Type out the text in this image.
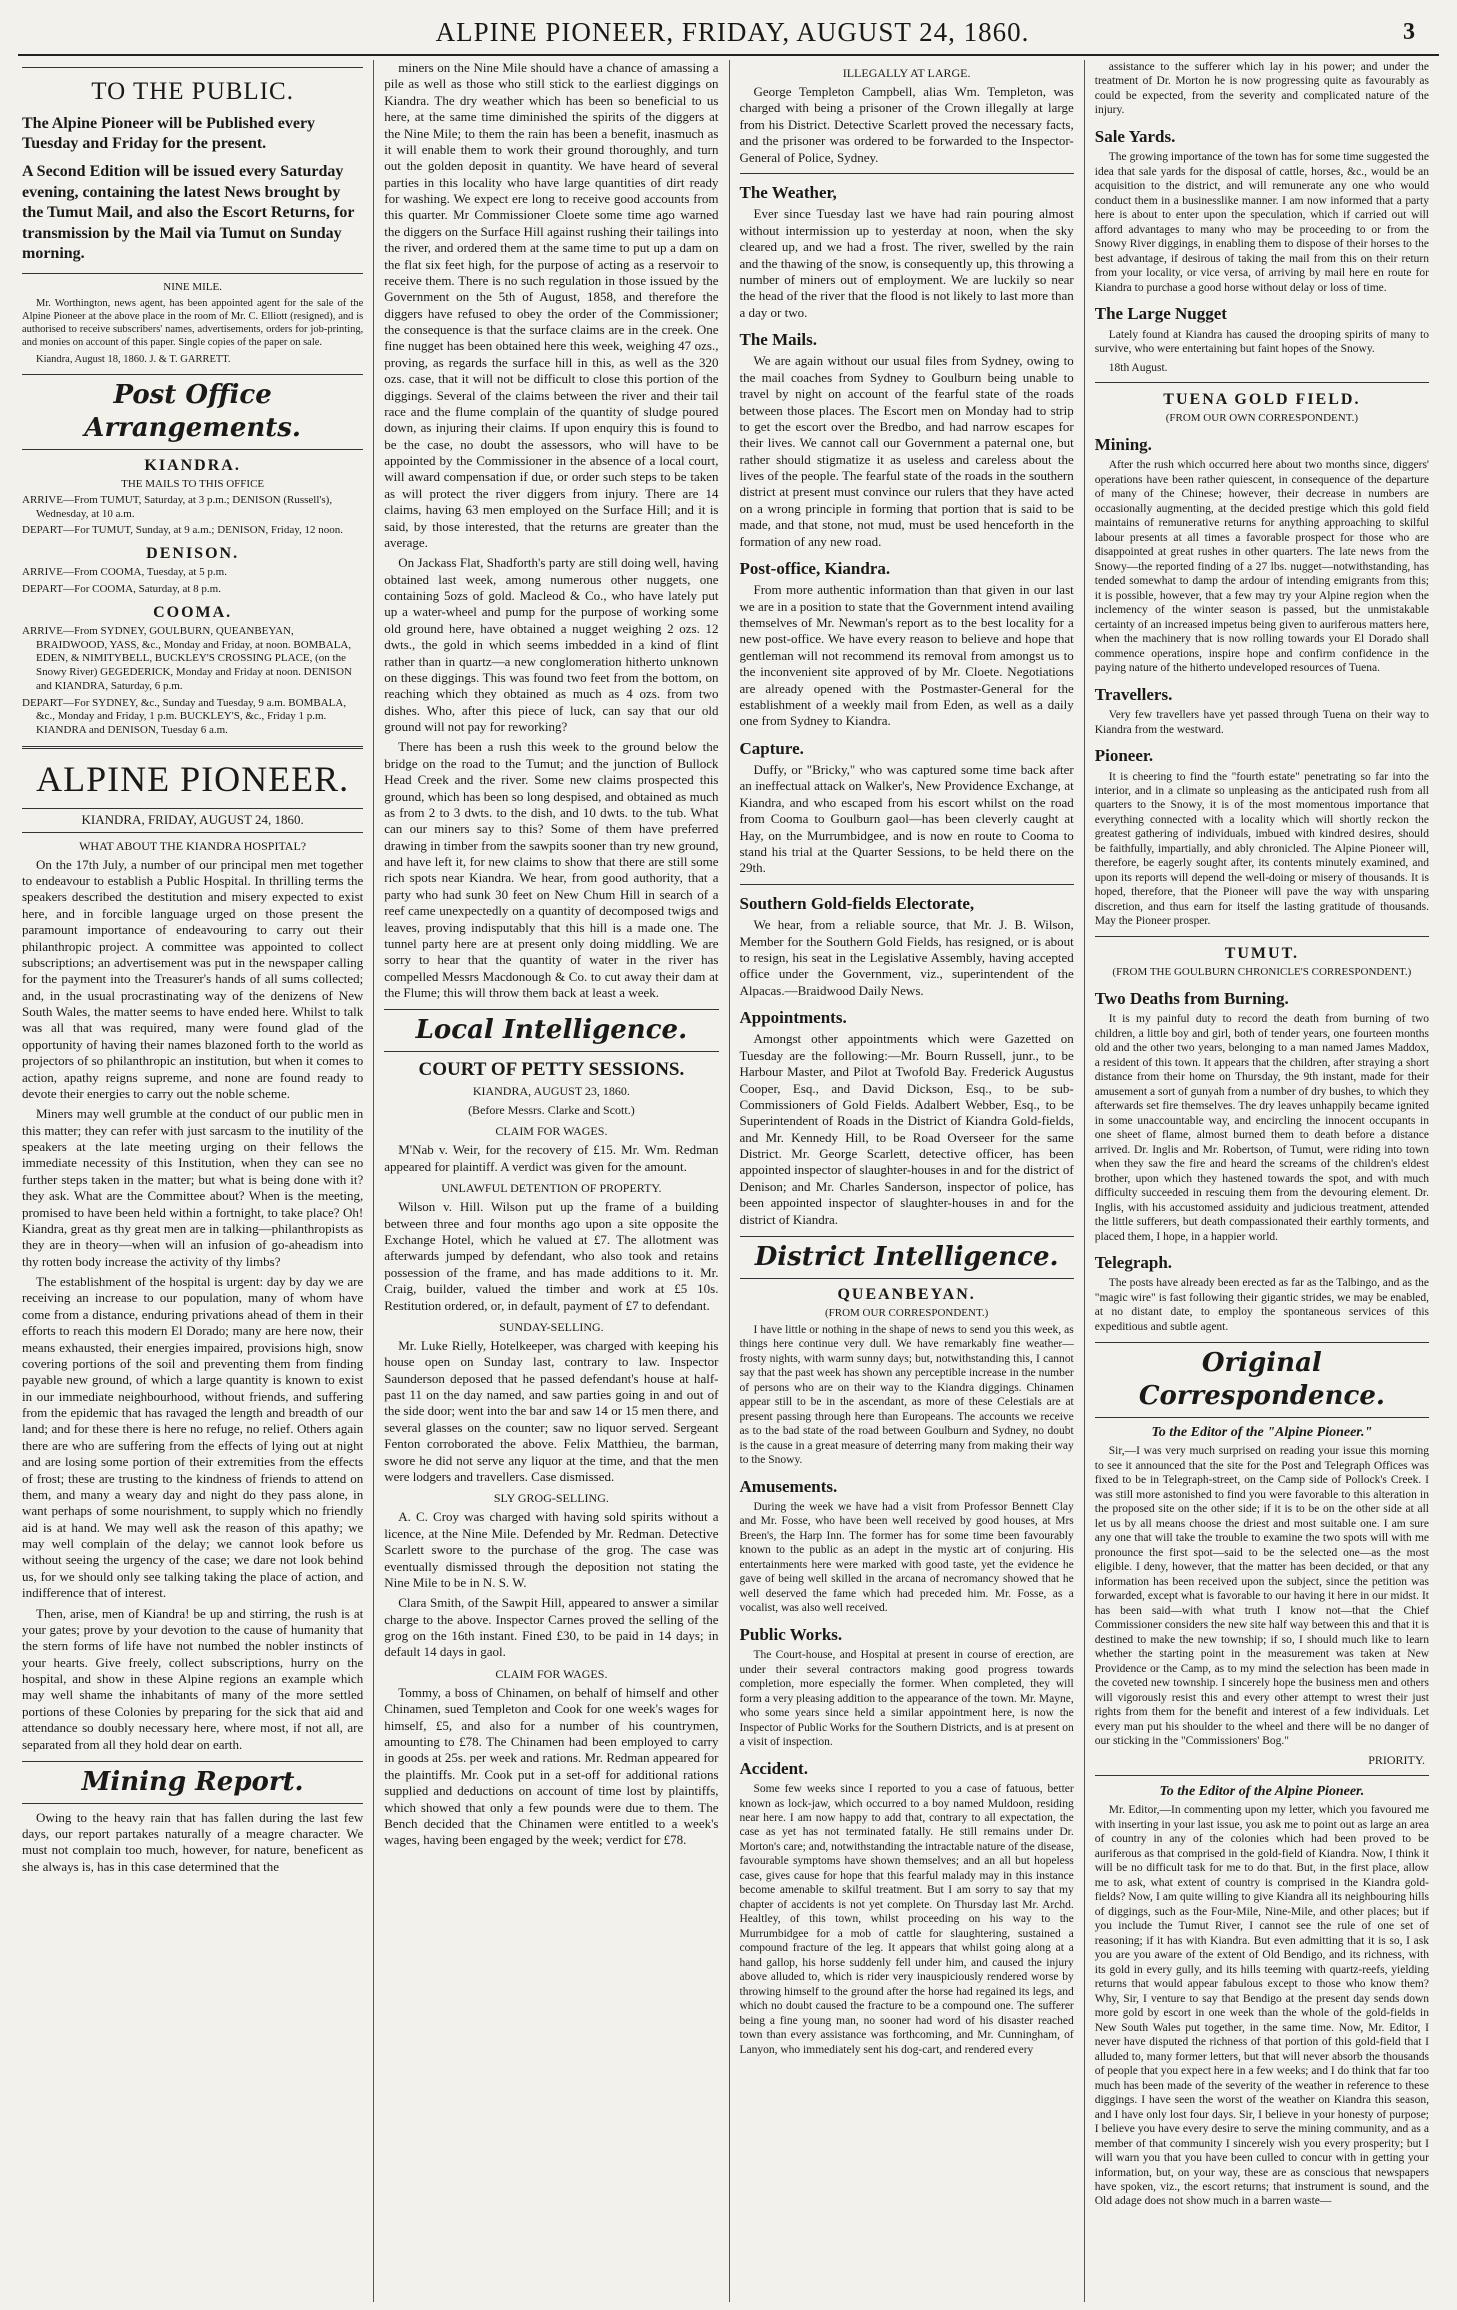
ALPINE PIONEER, FRIDAY, AUGUST 24, 1860.	3
TO THE PUBLIC.

The Alpine Pioneer will be Published every Tuesday and Friday for the present.

A Second Edition will be issued every Saturday evening, containing the latest News brought by the Tumut Mail, and also the Escort Returns, for transmission by the Mail via Tumut on Sunday morning.

NINE MILE.

Mr. Worthington, news agent, has been appointed agent for the sale of the Alpine Pioneer at the above place in the room of Mr. C. Elliott (resigned), and is authorised to receive subscribers' names, advertisements, orders for job-printing, and monies on account of this paper. Single copies of the paper on sale.

Kiandra, August 18, 1860. J. & T. GARRETT.

Post Office Arrangements.
KIANDRA.
THE MAILS TO THIS OFFICE
ARRIVE—From TUMUT, Saturday, at 3 p.m.; DENISON (Russell's), Wednesday, at 10 a.m.
DEPART—For TUMUT, Sunday, at 9 a.m.; DENISON, Friday, 12 noon.
DENISON.
ARRIVE—From COOMA, Tuesday, at 5 p.m.
DEPART—For COOMA, Saturday, at 8 p.m.
COOMA.
ARRIVE—From SYDNEY, GOULBURN, QUEANBEYAN, BRAIDWOOD, YASS, &c., Monday and Friday, at noon. BOMBALA, EDEN, & NIMITYBELL, BUCKLEY'S CROSSING PLACE, (on the Snowy River) GEGEDERICK, Monday and Friday at noon. DENISON and KIANDRA, Saturday, 6 p.m.
DEPART—For SYDNEY, &c., Sunday and Tuesday, 9 a.m. BOMBALA, &c., Monday and Friday, 1 p.m. BUCKLEY'S, &c., Friday 1 p.m. KIANDRA and DENISON, Tuesday 6 a.m.
ALPINE PIONEER.
KIANDRA, FRIDAY, AUGUST 24, 1860.
WHAT ABOUT THE KIANDRA HOSPITAL?

On the 17th July, a number of our principal men met together to endeavour to establish a Public Hospital. In thrilling terms the speakers described the destitution and misery expected to exist here, and in forcible language urged on those present the paramount importance of endeavouring to carry out their philanthropic project. A committee was appointed to collect subscriptions; an advertisement was put in the newspaper calling for the payment into the Treasurer's hands of all sums collected; and, in the usual procrastinating way of the denizens of New South Wales, the matter seems to have ended here. Whilst to talk was all that was required, many were found glad of the opportunity of having their names blazoned forth to the world as projectors of so philanthropic an institution, but when it comes to action, apathy reigns supreme, and none are found ready to devote their energies to carry out the noble scheme.

Miners may well grumble at the conduct of our public men in this matter; they can refer with just sarcasm to the inutility of the speakers at the late meeting urging on their fellows the immediate necessity of this Institution, when they can see no further steps taken in the matter; but what is being done with it? they ask. What are the Committee about? When is the meeting, promised to have been held within a fortnight, to take place? Oh! Kiandra, great as thy great men are in talking—philanthropists as they are in theory—when will an infusion of go-aheadism into thy rotten body increase the activity of thy limbs?

The establishment of the hospital is urgent: day by day we are receiving an increase to our population, many of whom have come from a distance, enduring privations ahead of them in their efforts to reach this modern El Dorado; many are here now, their means exhausted, their energies impaired, provisions high, snow covering portions of the soil and preventing them from finding payable new ground, of which a large quantity is known to exist in our immediate neighbourhood, without friends, and suffering from the epidemic that has ravaged the length and breadth of our land; and for these there is here no refuge, no relief. Others again there are who are suffering from the effects of lying out at night and are losing some portion of their extremities from the effects of frost; these are trusting to the kindness of friends to attend on them, and many a weary day and night do they pass alone, in want perhaps of some nourishment, to supply which no friendly aid is at hand. We may well ask the reason of this apathy; we may well complain of the delay; we cannot look before us without seeing the urgency of the case; we dare not look behind us, for we should only see talking taking the place of action, and indifference that of interest.

Then, arise, men of Kiandra! be up and stirring, the rush is at your gates; prove by your devotion to the cause of humanity that the stern forms of life have not numbed the nobler instincts of your hearts. Give freely, collect subscriptions, hurry on the hospital, and show in these Alpine regions an example which may well shame the inhabitants of many of the more settled portions of these Colonies by preparing for the sick that aid and attendance so doubly necessary here, where most, if not all, are separated from all they hold dear on earth.

Mining Report.

Owing to the heavy rain that has fallen during the last few days, our report partakes naturally of a meagre character. We must not complain too much, however, for nature, beneficent as she always is, has in this case determined that the

miners on the Nine Mile should have a chance of amassing a pile as well as those who still stick to the earliest diggings on Kiandra. The dry weather which has been so beneficial to us here, at the same time diminished the spirits of the diggers at the Nine Mile; to them the rain has been a benefit, inasmuch as it will enable them to work their ground thoroughly, and turn out the golden deposit in quantity. We have heard of several parties in this locality who have large quantities of dirt ready for washing. We expect ere long to receive good accounts from this quarter. Mr Commissioner Cloete some time ago warned the diggers on the Surface Hill against rushing their tailings into the river, and ordered them at the same time to put up a dam on the flat six feet high, for the purpose of acting as a reservoir to receive them. There is no such regulation in those issued by the Government on the 5th of August, 1858, and therefore the diggers have refused to obey the order of the Commissioner; the consequence is that the surface claims are in the creek. One fine nugget has been obtained here this week, weighing 47 ozs., proving, as regards the surface hill in this, as well as the 320 ozs. case, that it will not be difficult to close this portion of the diggings. Several of the claims between the river and their tail race and the flume complain of the quantity of sludge poured down, as injuring their claims. If upon enquiry this is found to be the case, no doubt the assessors, who will have to be appointed by the Commissioner in the absence of a local court, will award compensation if due, or order such steps to be taken as will protect the river diggers from injury. There are 14 claims, having 63 men employed on the Surface Hill; and it is said, by those interested, that the returns are greater than the average.

On Jackass Flat, Shadforth's party are still doing well, having obtained last week, among numerous other nuggets, one containing 5ozs of gold. Macleod & Co., who have lately put up a water-wheel and pump for the purpose of working some old ground here, have obtained a nugget weighing 2 ozs. 12 dwts., the gold in which seems imbedded in a kind of flint rather than in quartz—a new conglomeration hitherto unknown on these diggings. This was found two feet from the bottom, on reaching which they obtained as much as 4 ozs. from two dishes. Who, after this piece of luck, can say that our old ground will not pay for reworking?

There has been a rush this week to the ground below the bridge on the road to the Tumut; and the junction of Bullock Head Creek and the river. Some new claims prospected this ground, which has been so long despised, and obtained as much as from 2 to 3 dwts. to the dish, and 10 dwts. to the tub. What can our miners say to this? Some of them have preferred drawing in timber from the sawpits sooner than try new ground, and have left it, for new claims to show that there are still some rich spots near Kiandra. We hear, from good authority, that a party who had sunk 30 feet on New Chum Hill in search of a reef came unexpectedly on a quantity of decomposed twigs and leaves, proving indisputably that this hill is a made one. The tunnel party here are at present only doing middling. We are sorry to hear that the quantity of water in the river has compelled Messrs Macdonough & Co. to cut away their dam at the Flume; this will throw them back at least a week.

Local Intelligence.
COURT OF PETTY SESSIONS.
KIANDRA, AUGUST 23, 1860.
(Before Messrs. Clarke and Scott.)
CLAIM FOR WAGES.

M'Nab v. Weir, for the recovery of £15. Mr. Wm. Redman appeared for plaintiff. A verdict was given for the amount.

UNLAWFUL DETENTION OF PROPERTY.

Wilson v. Hill. Wilson put up the frame of a building between three and four months ago upon a site opposite the Exchange Hotel, which he valued at £7. The allotment was afterwards jumped by defendant, who also took and retains possession of the frame, and has made additions to it. Mr. Craig, builder, valued the timber and work at £5 10s. Restitution ordered, or, in default, payment of £7 to defendant.

SUNDAY-SELLING.

Mr. Luke Rielly, Hotelkeeper, was charged with keeping his house open on Sunday last, contrary to law. Inspector Saunderson deposed that he passed defendant's house at half-past 11 on the day named, and saw parties going in and out of the side door; went into the bar and saw 14 or 15 men there, and several glasses on the counter; saw no liquor served. Sergeant Fenton corroborated the above. Felix Matthieu, the barman, swore he did not serve any liquor at the time, and that the men were lodgers and travellers. Case dismissed.

SLY GROG-SELLING.

A. C. Croy was charged with having sold spirits without a licence, at the Nine Mile. Defended by Mr. Redman. Detective Scarlett swore to the purchase of the grog. The case was eventually dismissed through the deposition not stating the Nine Mile to be in N. S. W.

Clara Smith, of the Sawpit Hill, appeared to answer a similar charge to the above. Inspector Carnes proved the selling of the grog on the 16th instant. Fined £30, to be paid in 14 days; in default 14 days in gaol.

CLAIM FOR WAGES.

Tommy, a boss of Chinamen, on behalf of himself and other Chinamen, sued Templeton and Cook for one week's wages for himself, £5, and also for a number of his countrymen, amounting to £78. The Chinamen had been employed to carry in goods at 25s. per week and rations. Mr. Redman appeared for the plaintiffs. Mr. Cook put in a set-off for additional rations supplied and deductions on account of time lost by plaintiffs, which showed that only a few pounds were due to them. The Bench decided that the Chinamen were entitled to a week's wages, having been engaged by the week; verdict for £78.

ILLEGALLY AT LARGE.

George Templeton Campbell, alias Wm. Templeton, was charged with being a prisoner of the Crown illegally at large from his District. Detective Scarlett proved the necessary facts, and the prisoner was ordered to be forwarded to the Inspector-General of Police, Sydney.

The Weather,

Ever since Tuesday last we have had rain pouring almost without intermission up to yesterday at noon, when the sky cleared up, and we had a frost. The river, swelled by the rain and the thawing of the snow, is consequently up, this throwing a number of miners out of employment. We are luckily so near the head of the river that the flood is not likely to last more than a day or two.

The Mails.

We are again without our usual files from Sydney, owing to the mail coaches from Sydney to Goulburn being unable to travel by night on account of the fearful state of the roads between those places. The Escort men on Monday had to strip to get the escort over the Bredbo, and had narrow escapes for their lives. We cannot call our Government a paternal one, but rather should stigmatize it as useless and careless about the lives of the people. The fearful state of the roads in the southern district at present must convince our rulers that they have acted on a wrong principle in forming that portion that is said to be made, and that stone, not mud, must be used henceforth in the formation of any new road.

Post-office, Kiandra.

From more authentic information than that given in our last we are in a position to state that the Government intend availing themselves of Mr. Newman's report as to the best locality for a new post-office. We have every reason to believe and hope that gentleman will not recommend its removal from amongst us to the inconvenient site approved of by Mr. Cloete. Negotiations are already opened with the Postmaster-General for the establishment of a weekly mail from Eden, as well as a daily one from Sydney to Kiandra.

Capture.

Duffy, or "Bricky," who was captured some time back after an ineffectual attack on Walker's, New Providence Exchange, at Kiandra, and who escaped from his escort whilst on the road from Cooma to Goulburn gaol—has been cleverly caught at Hay, on the Murrumbidgee, and is now en route to Cooma to stand his trial at the Quarter Sessions, to be held there on the 29th.

Southern Gold-fields Electorate,

We hear, from a reliable source, that Mr. J. B. Wilson, Member for the Southern Gold Fields, has resigned, or is about to resign, his seat in the Legislative Assembly, having accepted office under the Government, viz., superintendent of the Alpacas.—Braidwood Daily News.

Appointments.

Amongst other appointments which were Gazetted on Tuesday are the following:—Mr. Bourn Russell, junr., to be Harbour Master, and Pilot at Twofold Bay. Frederick Augustus Cooper, Esq., and David Dickson, Esq., to be sub-Commissioners of Gold Fields. Adalbert Webber, Esq., to be Superintendent of Roads in the District of Kiandra Gold-fields, and Mr. Kennedy Hill, to be Road Overseer for the same District. Mr. George Scarlett, detective officer, has been appointed inspector of slaughter-houses in and for the district of Denison; and Mr. Charles Sanderson, inspector of police, has been appointed inspector of slaughter-houses in and for the district of Kiandra.

District Intelligence.
QUEANBEYAN.
(FROM OUR CORRESPONDENT.)

I have little or nothing in the shape of news to send you this week, as things here continue very dull. We have remarkably fine weather—frosty nights, with warm sunny days; but, notwithstanding this, I cannot say that the past week has shown any perceptible increase in the number of persons who are on their way to the Kiandra diggings. Chinamen appear still to be in the ascendant, as more of these Celestials are at present passing through here than Europeans. The accounts we receive as to the bad state of the road between Goulburn and Sydney, no doubt is the cause in a great measure of deterring many from making their way to the Snowy.

Amusements.

During the week we have had a visit from Professor Bennett Clay and Mr. Fosse, who have been well received by good houses, at Mrs Breen's, the Harp Inn. The former has for some time been favourably known to the public as an adept in the mystic art of conjuring. His entertainments here were marked with good taste, yet the evidence he gave of being well skilled in the arcana of necromancy showed that he well deserved the fame which had preceded him. Mr. Fosse, as a vocalist, was also well received.

Public Works.

The Court-house, and Hospital at present in course of erection, are under their several contractors making good progress towards completion, more especially the former. When completed, they will form a very pleasing addition to the appearance of the town. Mr. Mayne, who some years since held a similar appointment here, is now the Inspector of Public Works for the Southern Districts, and is at present on a visit of inspection.

Accident.

Some few weeks since I reported to you a case of fatuous, better known as lock-jaw, which occurred to a boy named Muldoon, residing near here. I am now happy to add that, contrary to all expectation, the case as yet has not terminated fatally. He still remains under Dr. Morton's care; and, notwithstanding the intractable nature of the disease, favourable symptoms have shown themselves; and an all but hopeless case, gives cause for hope that this fearful malady may in this instance become amenable to skilful treatment. But I am sorry to say that my chapter of accidents is not yet complete. On Thursday last Mr. Archd. Healtley, of this town, whilst proceeding on his way to the Murrumbidgee for a mob of cattle for slaughtering, sustained a compound fracture of the leg. It appears that whilst going along at a hand gallop, his horse suddenly fell under him, and caused the injury above alluded to, which is rider very inauspiciously rendered worse by throwing himself to the ground after the horse had regained its legs, and which no doubt caused the fracture to be a compound one. The sufferer being a fine young man, no sooner had word of his disaster reached town than every assistance was forthcoming, and Mr. Cunningham, of Lanyon, who immediately sent his dog-cart, and rendered every

assistance to the sufferer which lay in his power; and under the treatment of Dr. Morton he is now progressing quite as favourably as could be expected, from the severity and complicated nature of the injury.

Sale Yards.

The growing importance of the town has for some time suggested the idea that sale yards for the disposal of cattle, horses, &c., would be an acquisition to the district, and will remunerate any one who would conduct them in a businesslike manner. I am now informed that a party here is about to enter upon the speculation, which if carried out will afford advantages to many who may be proceeding to or from the Snowy River diggings, in enabling them to dispose of their horses to the best advantage, if desirous of taking the mail from this on their return from your locality, or vice versa, of arriving by mail here en route for Kiandra to purchase a good horse without delay or loss of time.

The Large Nugget

Lately found at Kiandra has caused the drooping spirits of many to survive, who were entertaining but faint hopes of the Snowy.

18th August.

TUENA GOLD FIELD.
(FROM OUR OWN CORRESPONDENT.)
Mining.

After the rush which occurred here about two months since, diggers' operations have been rather quiescent, in consequence of the departure of many of the Chinese; however, their decrease in numbers are occasionally augmenting, at the decided prestige which this gold field maintains of remunerative returns for anything approaching to skilful labour presents at all times a favorable prospect for those who are disappointed at great rushes in other quarters. The late news from the Snowy—the reported finding of a 27 lbs. nugget—notwithstanding, has tended somewhat to damp the ardour of intending emigrants from this; it is possible, however, that a few may try your Alpine region when the inclemency of the winter season is passed, but the unmistakable certainty of an increased impetus being given to auriferous matters here, when the machinery that is now rolling towards your El Dorado shall commence operations, inspire hope and confirm confidence in the paying nature of the hitherto undeveloped resources of Tuena.

Travellers.

Very few travellers have yet passed through Tuena on their way to Kiandra from the westward.

Pioneer.

It is cheering to find the "fourth estate" penetrating so far into the interior, and in a climate so unpleasing as the anticipated rush from all quarters to the Snowy, it is of the most momentous importance that everything connected with a locality which will shortly reckon the greatest gathering of individuals, imbued with kindred desires, should be faithfully, impartially, and ably chronicled. The Alpine Pioneer will, therefore, be eagerly sought after, its contents minutely examined, and upon its reports will depend the well-doing or misery of thousands. It is hoped, therefore, that the Pioneer will pave the way with unsparing discretion, and thus earn for itself the lasting gratitude of thousands. May the Pioneer prosper.

TUMUT.
(FROM THE GOULBURN CHRONICLE'S CORRESPONDENT.)
Two Deaths from Burning.

It is my painful duty to record the death from burning of two children, a little boy and girl, both of tender years, one fourteen months old and the other two years, belonging to a man named James Maddox, a resident of this town. It appears that the children, after straying a short distance from their home on Thursday, the 9th instant, made for their amusement a sort of gunyah from a number of dry bushes, to which they afterwards set fire themselves. The dry leaves unhappily became ignited in some unaccountable way, and encircling the innocent occupants in one sheet of flame, almost burned them to death before a distance arrived. Dr. Inglis and Mr. Robertson, of Tumut, were riding into town when they saw the fire and heard the screams of the children's eldest brother, upon which they hastened towards the spot, and with much difficulty succeeded in rescuing them from the devouring element. Dr. Inglis, with his accustomed assiduity and judicious treatment, attended the little sufferers, but death compassionated their earthly torments, and placed them, I hope, in a happier world.

Telegraph.

The posts have already been erected as far as the Talbingo, and as the "magic wire" is fast following their gigantic strides, we may be enabled, at no distant date, to employ the spontaneous services of this expeditious and subtle agent.

Original Correspondence.
To the Editor of the "Alpine Pioneer."

Sir,—I was very much surprised on reading your issue this morning to see it announced that the site for the Post and Telegraph Offices was fixed to be in Telegraph-street, on the Camp side of Pollock's Creek. I was still more astonished to find you were favorable to this alteration in the proposed site on the other side; if it is to be on the other side at all let us by all means choose the driest and most suitable one. I am sure any one that will take the trouble to examine the two spots will with me pronounce the first spot—said to be the selected one—as the most eligible. I deny, however, that the matter has been decided, or that any information has been received upon the subject, since the petition was forwarded, except what is favorable to our having it here in our midst. It has been said—with what truth I know not—that the Chief Commissioner considers the new site half way between this and that it is destined to make the new township; if so, I should much like to learn whether the starting point in the measurement was taken at New Providence or the Camp, as to my mind the selection has been made in the coveted new township. I sincerely hope the business men and others will vigorously resist this and every other attempt to wrest their just rights from them for the benefit and interest of a few individuals. Let every man put his shoulder to the wheel and there will be no danger of our sticking in the "Commissioners' Bog."

PRIORITY.
To the Editor of the Alpine Pioneer.

Mr. Editor,—In commenting upon my letter, which you favoured me with inserting in your last issue, you ask me to point out as large an area of country in any of the colonies which had been proved to be auriferous as that comprised in the gold-field of Kiandra. Now, I think it will be no difficult task for me to do that. But, in the first place, allow me to ask, what extent of country is comprised in the Kiandra gold-fields? Now, I am quite willing to give Kiandra all its neighbouring hills of diggings, such as the Four-Mile, Nine-Mile, and other places; but if you include the Tumut River, I cannot see the rule of one set of reasoning; if it has with Kiandra. But even admitting that it is so, I ask you are you aware of the extent of Old Bendigo, and its richness, with its gold in every gully, and its hills teeming with quartz-reefs, yielding returns that would appear fabulous except to those who know them? Why, Sir, I venture to say that Bendigo at the present day sends down more gold by escort in one week than the whole of the gold-fields in New South Wales put together, in the same time. Now, Mr. Editor, I never have disputed the richness of that portion of this gold-field that I alluded to, many former letters, but that will never absorb the thousands of people that you expect here in a few weeks; and I do think that far too much has been made of the severity of the weather in reference to these diggings. I have seen the worst of the weather on Kiandra this season, and I have only lost four days. Sir, I believe in your honesty of purpose; I believe you have every desire to serve the mining community, and as a member of that community I sincerely wish you every prosperity; but I will warn you that you have been culled to concur with in getting your information, but, on your way, these are as conscious that newspapers have spoken, viz., the escort returns; that instrument is sound, and the Old adage does not show much in a barren waste—
